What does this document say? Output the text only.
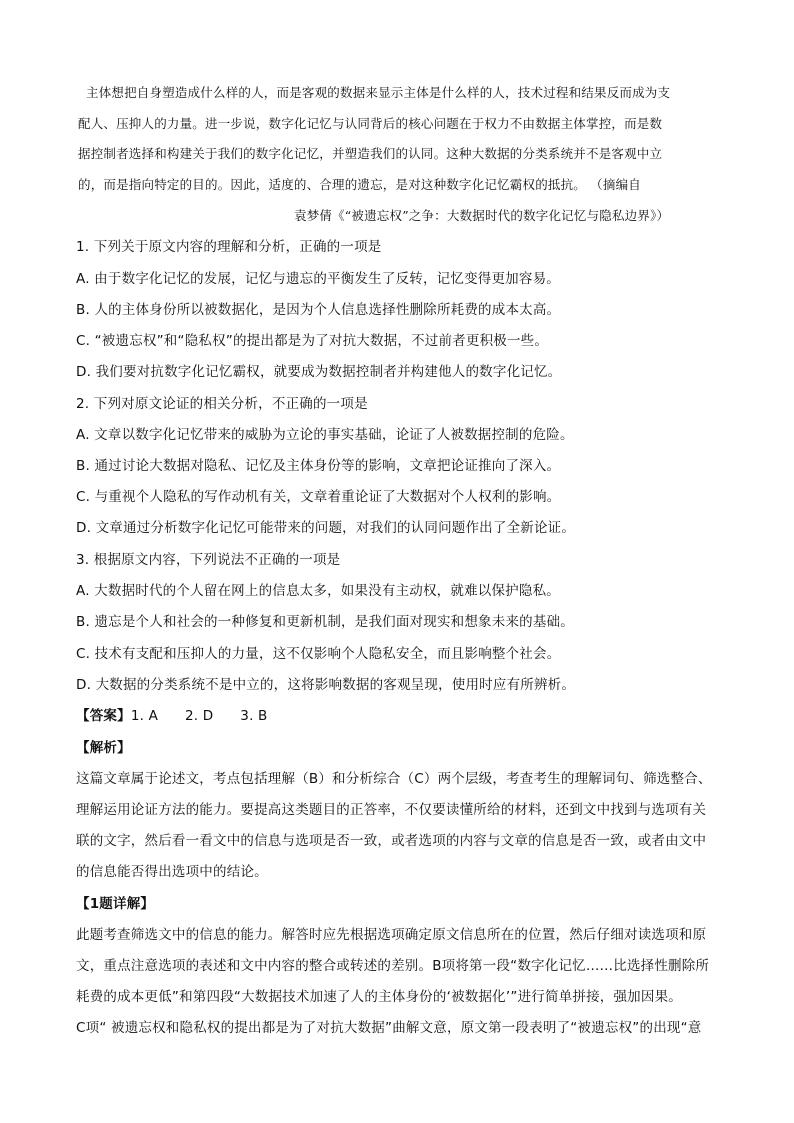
主体想把自身塑造成什么样的人，而是客观的数据来显示主体是什么样的人，技术过程和结果反而成为支
配人、压抑人的力量。进一步说，数字化记忆与认同背后的核心问题在于权力不由数据主体掌控，而是数
据控制者选择和构建关于我们的数字化记忆，并塑造我们的认同。这种大数据的分类系统并不是客观中立
的，而是指向特定的目的。因此，适度的、合理的遗忘，是对这种数字化记忆霸权的抵抗。 （摘编自
袁梦倩《“被遗忘权”之争：大数据时代的数字化记忆与隐私边界》）
1. 下列关于原文内容的理解和分析，正确的一项是
A. 由于数字化记忆的发展，记忆与遗忘的平衡发生了反转，记忆变得更加容易。
B. 人的主体身份所以被数据化，是因为个人信息选择性删除所耗费的成本太高。
C. “被遗忘权”和“隐私权”的提出都是为了对抗大数据，不过前者更积极一些。
D. 我们要对抗数字化记忆霸权，就要成为数据控制者并构建他人的数字化记忆。
2. 下列对原文论证的相关分析，不正确的一项是
A. 文章以数字化记忆带来的威胁为立论的事实基础，论证了人被数据控制的危险。
B. 通过讨论大数据对隐私、记忆及主体身份等的影响，文章把论证推向了深入。
C. 与重视个人隐私的写作动机有关，文章着重论证了大数据对个人权利的影响。
D. 文章通过分析数字化记忆可能带来的问题，对我们的认同问题作出了全新论证。
3. 根据原文内容，下列说法不正确的一项是
A. 大数据时代的个人留在网上的信息太多，如果没有主动权，就难以保护隐私。
B. 遗忘是个人和社会的一种修复和更新机制，是我们面对现实和想象未来的基础。
C. 技术有支配和压抑人的力量，这不仅影响个人隐私安全，而且影响整个社会。
D. 大数据的分类系统不是中立的，这将影响数据的客观呈现，使用时应有所辨析。
【答案】1. A      2. D      3. B
【解析】
这篇文章属于论述文，考点包括理解（B）和分析综合（C）两个层级，考查考生的理解词句、筛选整合、
理解运用论证方法的能力。要提高这类题目的正答率，不仅要读懂所给的材料，还到文中找到与选项有关
联的文字，然后看一看文中的信息与选项是否一致，或者选项的内容与文章的信息是否一致，或者由文中
的信息能否得出选项中的结论。
【1题详解】
此题考查筛选文中的信息的能力。解答时应先根据选项确定原文信息所在的位置，然后仔细对读选项和原
文，重点注意选项的表述和文中内容的整合或转述的差别。B项将第一段“数字化记忆……比选择性删除所
耗费的成本更低”和第四段“大数据技术加速了人的主体身份的‘被数据化’”进行简单拼接，强加因果。
C项“ 被遗忘权和隐私权的提出都是为了对抗大数据”曲解文意，原文第一段表明了“被遗忘权”的出现“意
